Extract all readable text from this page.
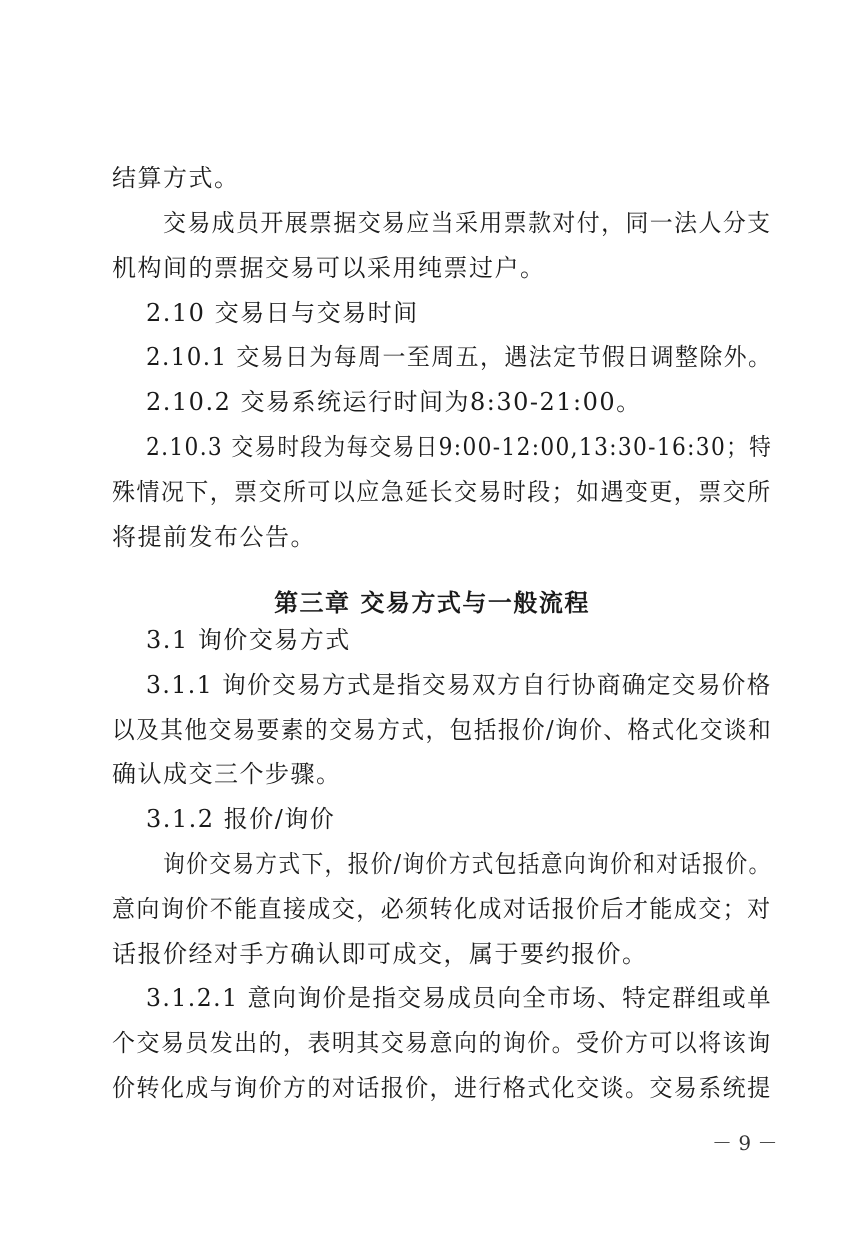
结算方式。
交易成员开展票据交易应当采用票款对付，同一法人分支
机构间的票据交易可以采用纯票过户。
2.10 交易日与交易时间
2.10.1 交易日为每周一至周五，遇法定节假日调整除外。
2.10.2 交易系统运行时间为8:30-21:00。
2.10.3 交易时段为每交易日9:00-12:00,13:30-16:30；特
殊情况下，票交所可以应急延长交易时段；如遇变更，票交所
将提前发布公告。
第三章 交易方式与一般流程
3.1 询价交易方式
3.1.1 询价交易方式是指交易双方自行协商确定交易价格
以及其他交易要素的交易方式，包括报价/询价、格式化交谈和
确认成交三个步骤。
3.1.2 报价/询价
询价交易方式下，报价/询价方式包括意向询价和对话报价。
意向询价不能直接成交，必须转化成对话报价后才能成交；对
话报价经对手方确认即可成交，属于要约报价。
3.1.2.1 意向询价是指交易成员向全市场、特定群组或单
个交易员发出的，表明其交易意向的询价。受价方可以将该询
价转化成与询价方的对话报价，进行格式化交谈。交易系统提
－ 9 －
